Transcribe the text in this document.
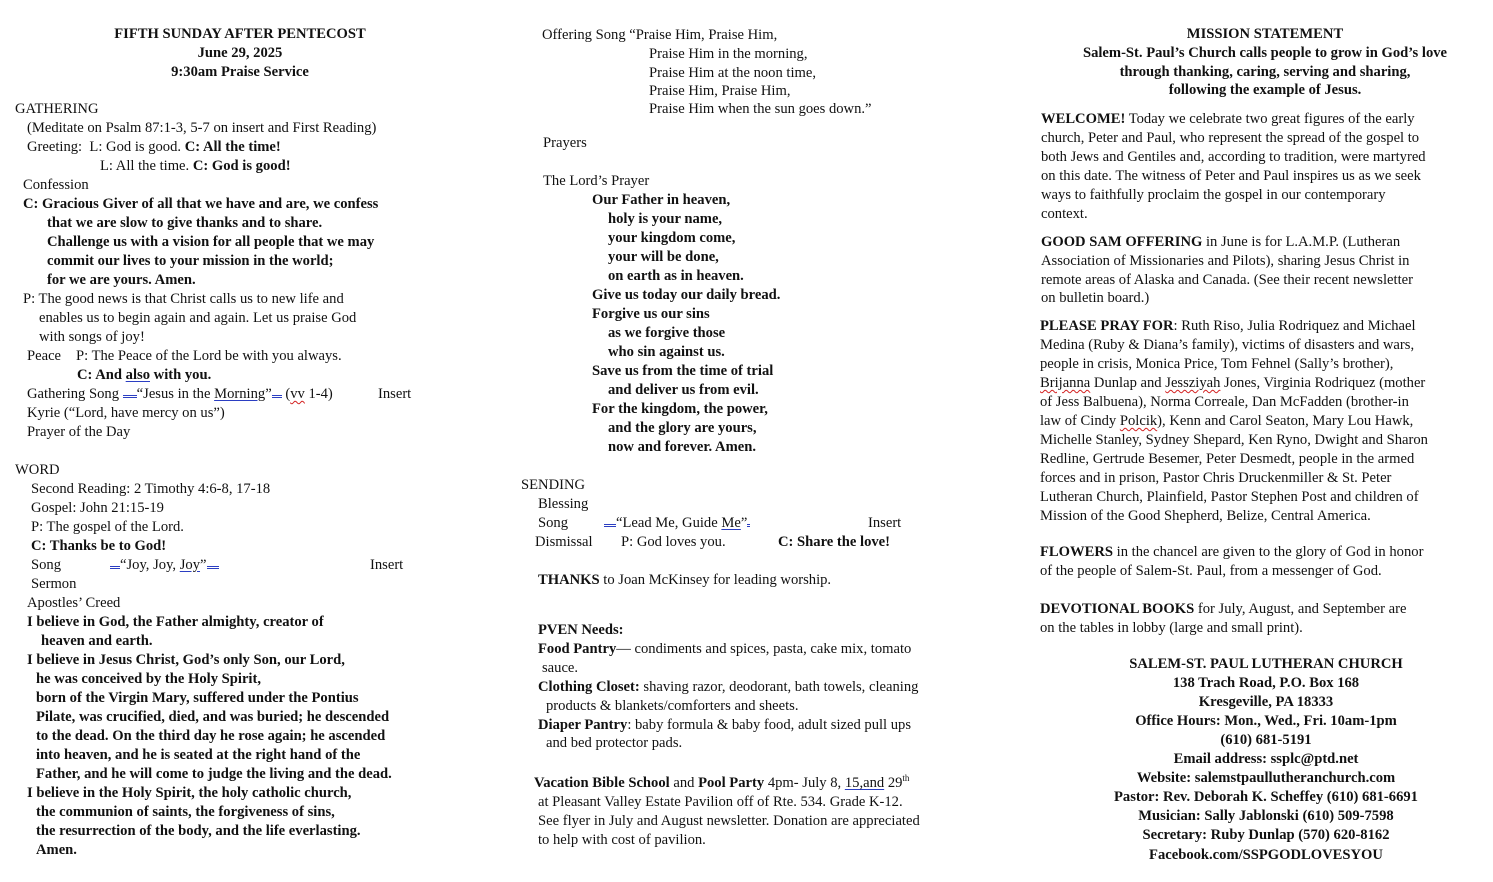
FIFTH SUNDAY AFTER PENTECOST
June 29, 2025
9:30am Praise Service
GATHERING
(Meditate on Psalm 87:1-3, 5-7 on insert and First Reading)
Greeting: L: God is good. C: All the time!
L: All the time. C: God is good!
Confession
C: Gracious Giver of all that we have and are, we confess
that we are slow to give thanks and to share.
Challenge us with a vision for all people that we may
commit our lives to your mission in the world;
for we are yours. Amen.
P: The good news is that Christ calls us to new life and
enables us to begin again and again. Let us praise God
with songs of joy!
Peace P: The Peace of the Lord be with you always.
C: And also with you.
Gathering Song “Jesus in the Morning” (vv 1-4)	Insert
Kyrie (“Lord, have mercy on us”)
Prayer of the Day
WORD
Second Reading: 2 Timothy 4:6-8, 17-18
Gospel: John 21:15-19
P: The gospel of the Lord.
C: Thanks be to God!
Song	“Joy, Joy, Joy”	Insert
Sermon
Apostles’ Creed
I believe in God, the Father almighty, creator of
heaven and earth.
I believe in Jesus Christ, God’s only Son, our Lord,
he was conceived by the Holy Spirit,
born of the Virgin Mary, suffered under the Pontius
Pilate, was crucified, died, and was buried; he descended
to the dead. On the third day he rose again; he ascended
into heaven, and he is seated at the right hand of the
Father, and he will come to judge the living and the dead.
I believe in the Holy Spirit, the holy catholic church,
the communion of saints, the forgiveness of sins,
the resurrection of the body, and the life everlasting.
Amen.
Offering Song “Praise Him, Praise Him,
Praise Him in the morning,
Praise Him at the noon time,
Praise Him, Praise Him,
Praise Him when the sun goes down.”
Prayers
The Lord’s Prayer
Our Father in heaven,
holy is your name,
your kingdom come,
your will be done,
on earth as in heaven.
Give us today our daily bread.
Forgive us our sins
as we forgive those
who sin against us.
Save us from the time of trial
and deliver us from evil.
For the kingdom, the power,
and the glory are yours,
now and forever. Amen.
SENDING
Blessing
Song	“Lead Me, Guide Me”	Insert
Dismissal P: God loves you.	C: Share the love!
THANKS to Joan McKinsey for leading worship.
PVEN Needs:
Food Pantry— condiments and spices, pasta, cake mix, tomato
sauce.
Clothing Closet: shaving razor, deodorant, bath towels, cleaning
products & blankets/comforters and sheets.
Diaper Pantry: baby formula & baby food, adult sized pull ups
and bed protector pads.
Vacation Bible School and Pool Party 4pm- July 8, 15,and 29th
at Pleasant Valley Estate Pavilion off of Rte. 534. Grade K-12.
See flyer in July and August newsletter. Donation are appreciated
to help with cost of pavilion.
MISSION STATEMENT
Salem-St. Paul’s Church calls people to grow in God’s love
through thanking, caring, serving and sharing,
following the example of Jesus.
WELCOME! Today we celebrate two great figures of the early
church, Peter and Paul, who represent the spread of the gospel to
both Jews and Gentiles and, according to tradition, were martyred
on this date. The witness of Peter and Paul inspires us as we seek
ways to faithfully proclaim the gospel in our contemporary
context.
GOOD SAM OFFERING in June is for L.A.M.P. (Lutheran
Association of Missionaries and Pilots), sharing Jesus Christ in
remote areas of Alaska and Canada. (See their recent newsletter
on bulletin board.)
PLEASE PRAY FOR: Ruth Riso, Julia Rodriquez and Michael
Medina (Ruby & Diana’s family), victims of disasters and wars,
people in crisis, Monica Price, Tom Fehnel (Sally’s brother),
Brijanna Dunlap and Jessziyah Jones, Virginia Rodriquez (mother
of Jess Balbuena), Norma Correale, Dan McFadden (brother-in
law of Cindy Polcik), Kenn and Carol Seaton, Mary Lou Hawk,
Michelle Stanley, Sydney Shepard, Ken Ryno, Dwight and Sharon
Redline, Gertrude Besemer, Peter Desmedt, people in the armed
forces and in prison, Pastor Chris Druckenmiller & St. Peter
Lutheran Church, Plainfield, Pastor Stephen Post and children of
Mission of the Good Shepherd, Belize, Central America.
FLOWERS in the chancel are given to the glory of God in honor
of the people of Salem-St. Paul, from a messenger of God.
DEVOTIONAL BOOKS for July, August, and September are
on the tables in lobby (large and small print).
SALEM-ST. PAUL LUTHERAN CHURCH
138 Trach Road, P.O. Box 168
Kresgeville, PA 18333
Office Hours: Mon., Wed., Fri. 10am-1pm
(610) 681-5191
Email address: ssplc@ptd.net
Website: salemstpaullutheranchurch.com
Pastor: Rev. Deborah K. Scheffey (610) 681-6691
Musician: Sally Jablonski (610) 509-7598
Secretary: Ruby Dunlap (570) 620-8162
Facebook.com/SSPGODLOVESYOU
